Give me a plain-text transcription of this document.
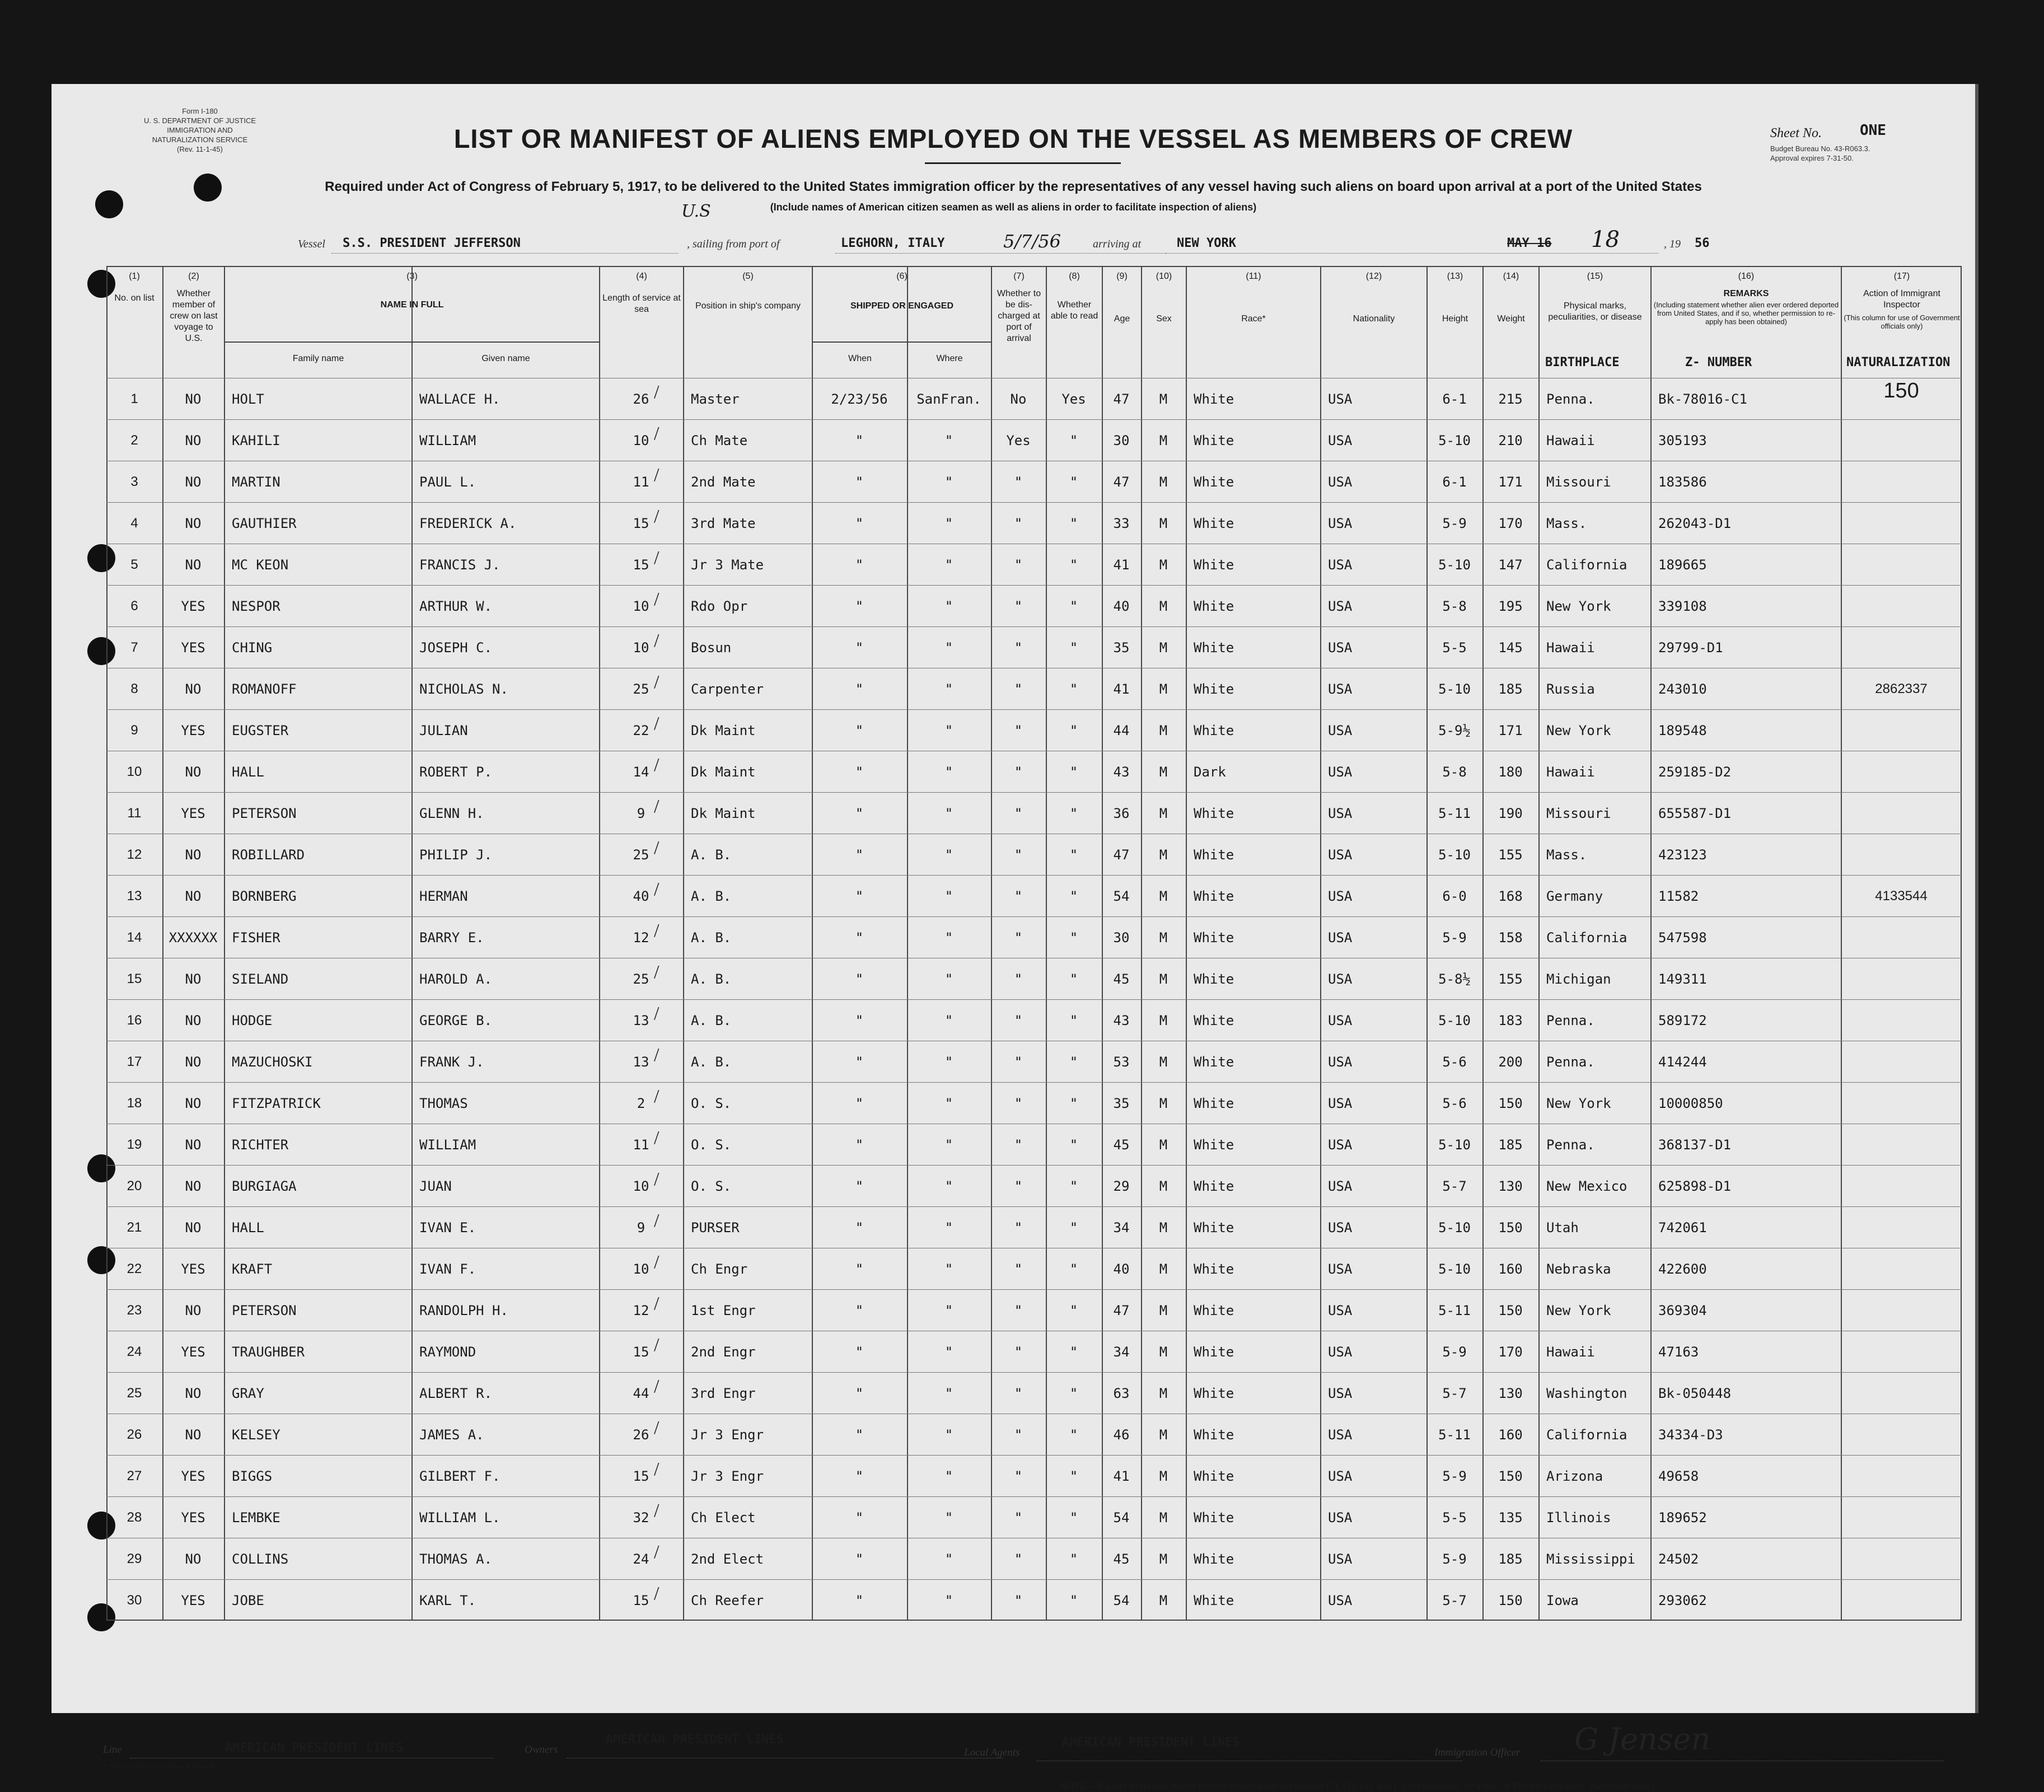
Form I-180
U. S. DEPARTMENT OF JUSTICE
IMMIGRATION AND NATURALIZATION SERVICE
(Rev. 11-1-45)	LIST OR MANIFEST OF ALIENS EMPLOYED ON THE VESSEL AS MEMBERS OF CREW	Sheet No.	ONE
Budget Bureau No. 43-R063.3.
Approval expires 7-31-50.
Required under Act of Congress of February 5, 1917, to be delivered to the United States immigration officer by the representatives of any vessel having such aliens on board upon arrival at a port of the United States
(Include names of American citizen seamen as well as aliens in order to facilitate inspection of aliens)
U.S
Vessel S.S. PRESIDENT JEFFERSON	, sailing from port of	LEGHORN, ITALY	5/7/56	arriving at	NEW YORK	MAY 16 18	, 19 56
(1)
No. on list
(2)
Whether member of crew on last voyage to U.S.
(3)
NAME IN FULL
Family name	Given name
(4)
Length of service at sea
(5)
Position in ship's company
(6)
SHIPPED OR ENGAGED
When	Where
(7)
Whether to be dis- charged at port of arrival
(8)
Whether able to read
(9)
Age
(10)
Sex
(11)
Race*
(12)
Nationality
(13)
Height
(14)
Weight
(15)
Physical marks, peculiarities, or disease
BIRTHPLACE
(16)
REMARKS
(Including statement whether alien ever ordered deported from United States, and if so, whether permission to re-apply has been obtained)
Z- NUMBER
(17)
Action of Immigrant Inspector
(This column for use of Government officials only)
NATURALIZATION
1	NO	HOLT	WALLACE H.	26	Master	2/23/56	SanFran.	No	Yes	47	M	White	USA	6-1	215	Penna.	Bk-78016-C1	150
/
2	NO	KAHILI	WILLIAM	10	Ch Mate	"	"	Yes	"	30	M	White	USA	5-10	210	Hawaii	305193
/
3	NO	MARTIN	PAUL L.	11	2nd Mate	"	"	"	"	47	M	White	USA	6-1	171	Missouri	183586
/
4	NO	GAUTHIER	FREDERICK A.	15	3rd Mate	"	"	"	"	33	M	White	USA	5-9	170	Mass.	262043-D1
/
5	NO	MC KEON	FRANCIS J.	15	Jr 3 Mate	"	"	"	"	41	M	White	USA	5-10	147	California	189665
/
6	YES	NESPOR	ARTHUR W.	10	Rdo Opr	"	"	"	"	40	M	White	USA	5-8	195	New York	339108
/
7	YES	CHING	JOSEPH C.	10	Bosun	"	"	"	"	35	M	White	USA	5-5	145	Hawaii	29799-D1
/
8	NO	ROMANOFF	NICHOLAS N.	25	Carpenter	"	"	"	"	41	M	White	USA	5-10	185	Russia	243010	2862337
/
9	YES	EUGSTER	JULIAN	22	Dk Maint	"	"	"	"	44	M	White	USA	5-9½	171	New York	189548
/
10	NO	HALL	ROBERT P.	14	Dk Maint	"	"	"	"	43	M	Dark	USA	5-8	180	Hawaii	259185-D2
/
11	YES	PETERSON	GLENN H.	9	Dk Maint	"	"	"	"	36	M	White	USA	5-11	190	Missouri	655587-D1
/
12	NO	ROBILLARD	PHILIP J.	25	A. B.	"	"	"	"	47	M	White	USA	5-10	155	Mass.	423123
/
13	NO	BORNBERG	HERMAN	40	A. B.	"	"	"	"	54	M	White	USA	6-0	168	Germany	11582	4133544
/
14	XXXXXX	FISHER	BARRY E.	12	A. B.	"	"	"	"	30	M	White	USA	5-9	158	California	547598
/
15	NO	SIELAND	HAROLD A.	25	A. B.	"	"	"	"	45	M	White	USA	5-8½	155	Michigan	149311
/
16	NO	HODGE	GEORGE B.	13	A. B.	"	"	"	"	43	M	White	USA	5-10	183	Penna.	589172
/
17	NO	MAZUCHOSKI	FRANK J.	13	A. B.	"	"	"	"	53	M	White	USA	5-6	200	Penna.	414244
/
18	NO	FITZPATRICK	THOMAS	2	O. S.	"	"	"	"	35	M	White	USA	5-6	150	New York	10000850
/
19	NO	RICHTER	WILLIAM	11	O. S.	"	"	"	"	45	M	White	USA	5-10	185	Penna.	368137-D1
/
20	NO	BURGIAGA	JUAN	10	O. S.	"	"	"	"	29	M	White	USA	5-7	130	New Mexico	625898-D1
/
21	NO	HALL	IVAN E.	9	PURSER	"	"	"	"	34	M	White	USA	5-10	150	Utah	742061
/
22	YES	KRAFT	IVAN F.	10	Ch Engr	"	"	"	"	40	M	White	USA	5-10	160	Nebraska	422600
/
23	NO	PETERSON	RANDOLPH H.	12	1st Engr	"	"	"	"	47	M	White	USA	5-11	150	New York	369304
/
24	YES	TRAUGHBER	RAYMOND	15	2nd Engr	"	"	"	"	34	M	White	USA	5-9	170	Hawaii	47163
/
25	NO	GRAY	ALBERT R.	44	3rd Engr	"	"	"	"	63	M	White	USA	5-7	130	Washington	Bk-050448
/
26	NO	KELSEY	JAMES A.	26	Jr 3 Engr	"	"	"	"	46	M	White	USA	5-11	160	California	34334-D3
/
27	YES	BIGGS	GILBERT F.	15	Jr 3 Engr	"	"	"	"	41	M	White	USA	5-9	150	Arizona	49658
/
28	YES	LEMBKE	WILLIAM L.	32	Ch Elect	"	"	"	"	54	M	White	USA	5-5	135	Illinois	189652
/
29	NO	COLLINS	THOMAS A.	24	2nd Elect	"	"	"	"	45	M	White	USA	5-9	185	Mississippi	24502
/
30	YES	JOBE	KARL T.	15	Ch Reefer	"	"	"	"	54	M	White	USA	5-7	150	Iowa	293062
/
Line	AMERICAN PRESIDENT LINES	Owners
AMERICAN PRESIDENT LINES
Local Agents
AMERICAN PRESIDENT LINES
Immigration Officer G Jensen
* See list of races on back hereof.
NOTE.—Failure to furnish full or correct information in columns (3), (5), (6), and (7) is punishable by a fine of $10 for each alien. (See other side.)
